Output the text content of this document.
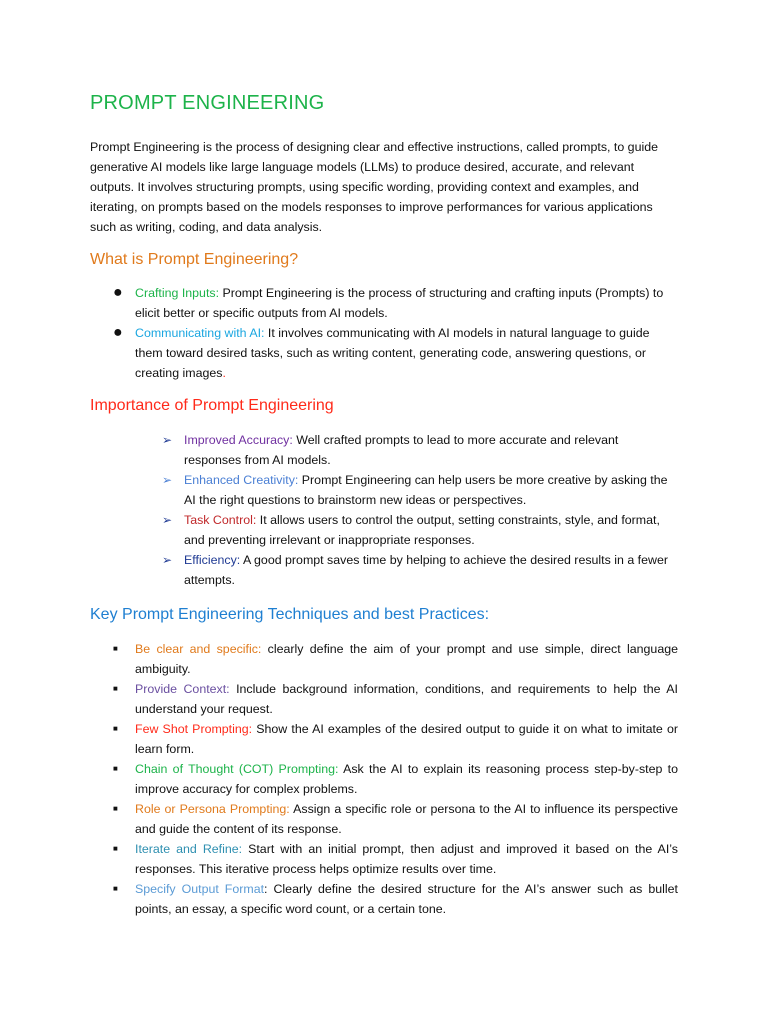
PROMPT ENGINEERING

Prompt Engineering is the process of designing clear and effective instructions, called prompts, to guide generative AI models like large language models (LLMs) to produce desired, accurate, and relevant outputs. It involves structuring prompts, using specific wording, providing context and examples, and iterating, on prompts based on the models responses to improve performances for various applications such as writing, coding, and data analysis.

What is Prompt Engineering?
● Crafting Inputs: Prompt Engineering is the process of structuring and crafting inputs (Prompts) to elicit better or specific outputs from AI models.
● Communicating with AI: It involves communicating with AI models in natural language to guide them toward desired tasks, such as writing content, generating code, answering questions, or creating images.
Importance of Prompt Engineering
➢ Improved Accuracy: Well crafted prompts to lead to more accurate and relevant responses from AI models.
➢ Enhanced Creativity: Prompt Engineering can help users be more creative by asking the AI the right questions to brainstorm new ideas or perspectives.
➢ Task Control: It allows users to control the output, setting constraints, style, and format, and preventing irrelevant or inappropriate responses.
➢ Efficiency: A good prompt saves time by helping to achieve the desired results in a fewer attempts.
Key Prompt Engineering Techniques and best Practices:
■ Be clear and specific: clearly define the aim of your prompt and use simple, direct language ambiguity.
■ Provide Context: Include background information, conditions, and requirements to help the AI understand your request.
■ Few Shot Prompting: Show the AI examples of the desired output to guide it on what to imitate or learn form.
■ Chain of Thought (COT) Prompting: Ask the AI to explain its reasoning process step-by-step to improve accuracy for complex problems.
■ Role or Persona Prompting: Assign a specific role or persona to the AI to influence its perspective and guide the content of its response.
■ Iterate and Refine: Start with an initial prompt, then adjust and improved it based on the AI’s responses. This iterative process helps optimize results over time.
■ Specify Output Format: Clearly define the desired structure for the AI’s answer such as bullet points, an essay, a specific word count, or a certain tone.
